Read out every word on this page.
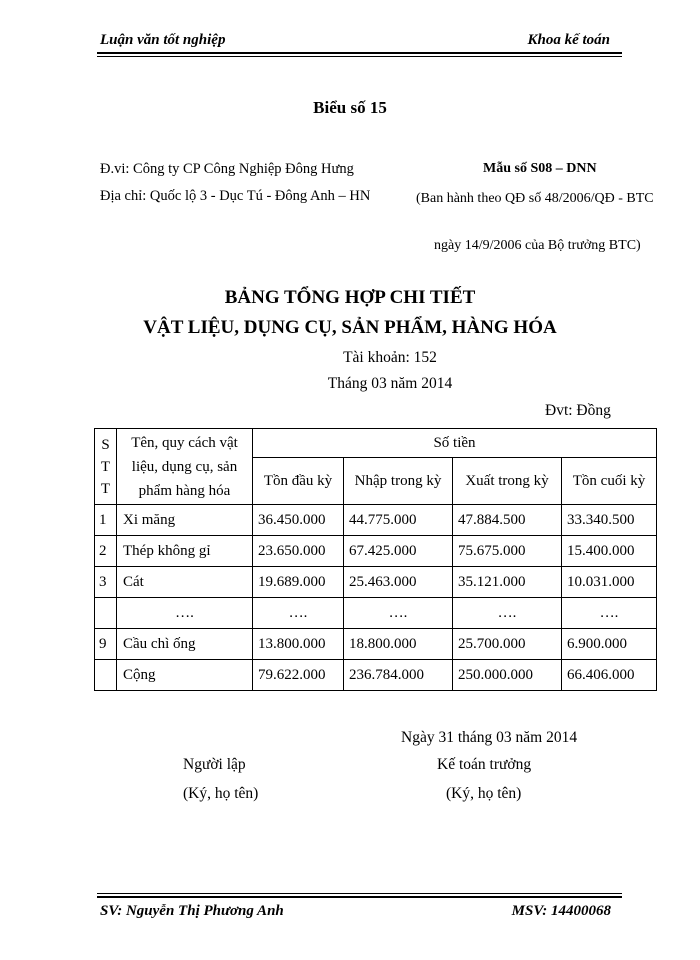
Luận văn tốt nghiệp	Khoa kế toán
Biểu số 15
Đ.vi: Công ty CP Công Nghiệp Đông Hưng
Địa chỉ: Quốc lộ 3 - Dục Tú - Đông Anh – HN
Mẫu số S08 – DNN
(Ban hành theo QĐ số 48/2006/QĐ - BTC
ngày 14/9/2006 của Bộ trưởng BTC)
BẢNG TỔNG HỢP CHI TIẾT
VẬT LIỆU, DỤNG CỤ, SẢN PHẨM, HÀNG HÓA
Tài khoản: 152
Tháng 03 năm 2014
Đvt: Đồng
S
T
T	Tên, quy cách vật liệu, dụng cụ, sản phẩm hàng hóa	Số tiền			
		Tồn đầu kỳ	Nhập trong kỳ	Xuất trong kỳ	Tồn cuối kỳ
1	Xi măng	36.450.000	44.775.000	47.884.500	33.340.500
2	Thép không gỉ	23.650.000	67.425.000	75.675.000	15.400.000
3	Cát	19.689.000	25.463.000	35.121.000	10.031.000
	….	….	….	….	….
9	Cầu chì ống	13.800.000	18.800.000	25.700.000	6.900.000
	Cộng	79.622.000	236.784.000	250.000.000	66.406.000
Ngày 31 tháng 03 năm 2014
Người lập	Kế toán trưởng
(Ký, họ tên)	(Ký, họ tên)
SV: Nguyễn Thị Phương Anh	MSV: 14400068
